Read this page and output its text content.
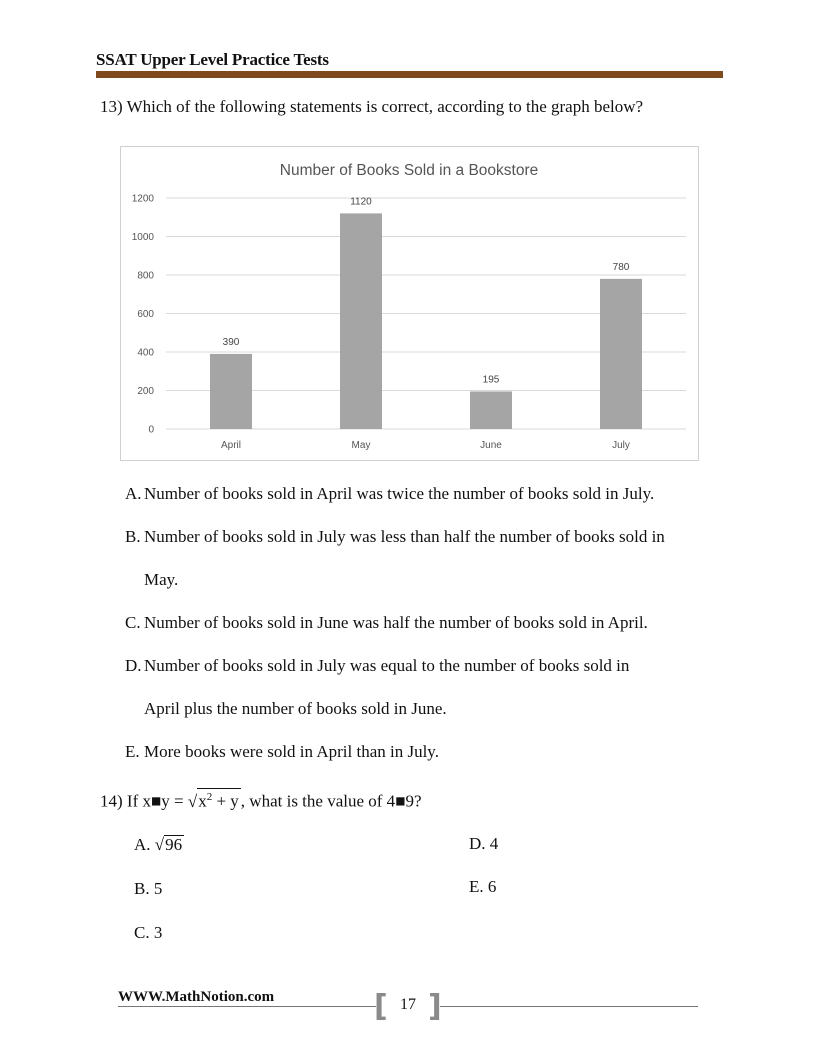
SSAT Upper Level Practice Tests
13) Which of the following statements is correct, according to the graph below?
Number of Books Sold in a Bookstore
0
200
400
600
800
1000
1200
390
1120
195
780
April	May	June	July
A. Number of books sold in April was twice the number of books sold in July.
B. Number of books sold in July was less than half the number of books sold in
May.
C. Number of books sold in June was half the number of books sold in April.
D. Number of books sold in July was equal to the number of books sold in
April plus the number of books sold in June.
E. More books were sold in April than in July.
14) If x■y = $√x^2 + y$ , what is the value of 4■9?
A. √96
B. 5
C. 3
D. 4
E. 6
WWW.MathNotion.com	[ ]
17
